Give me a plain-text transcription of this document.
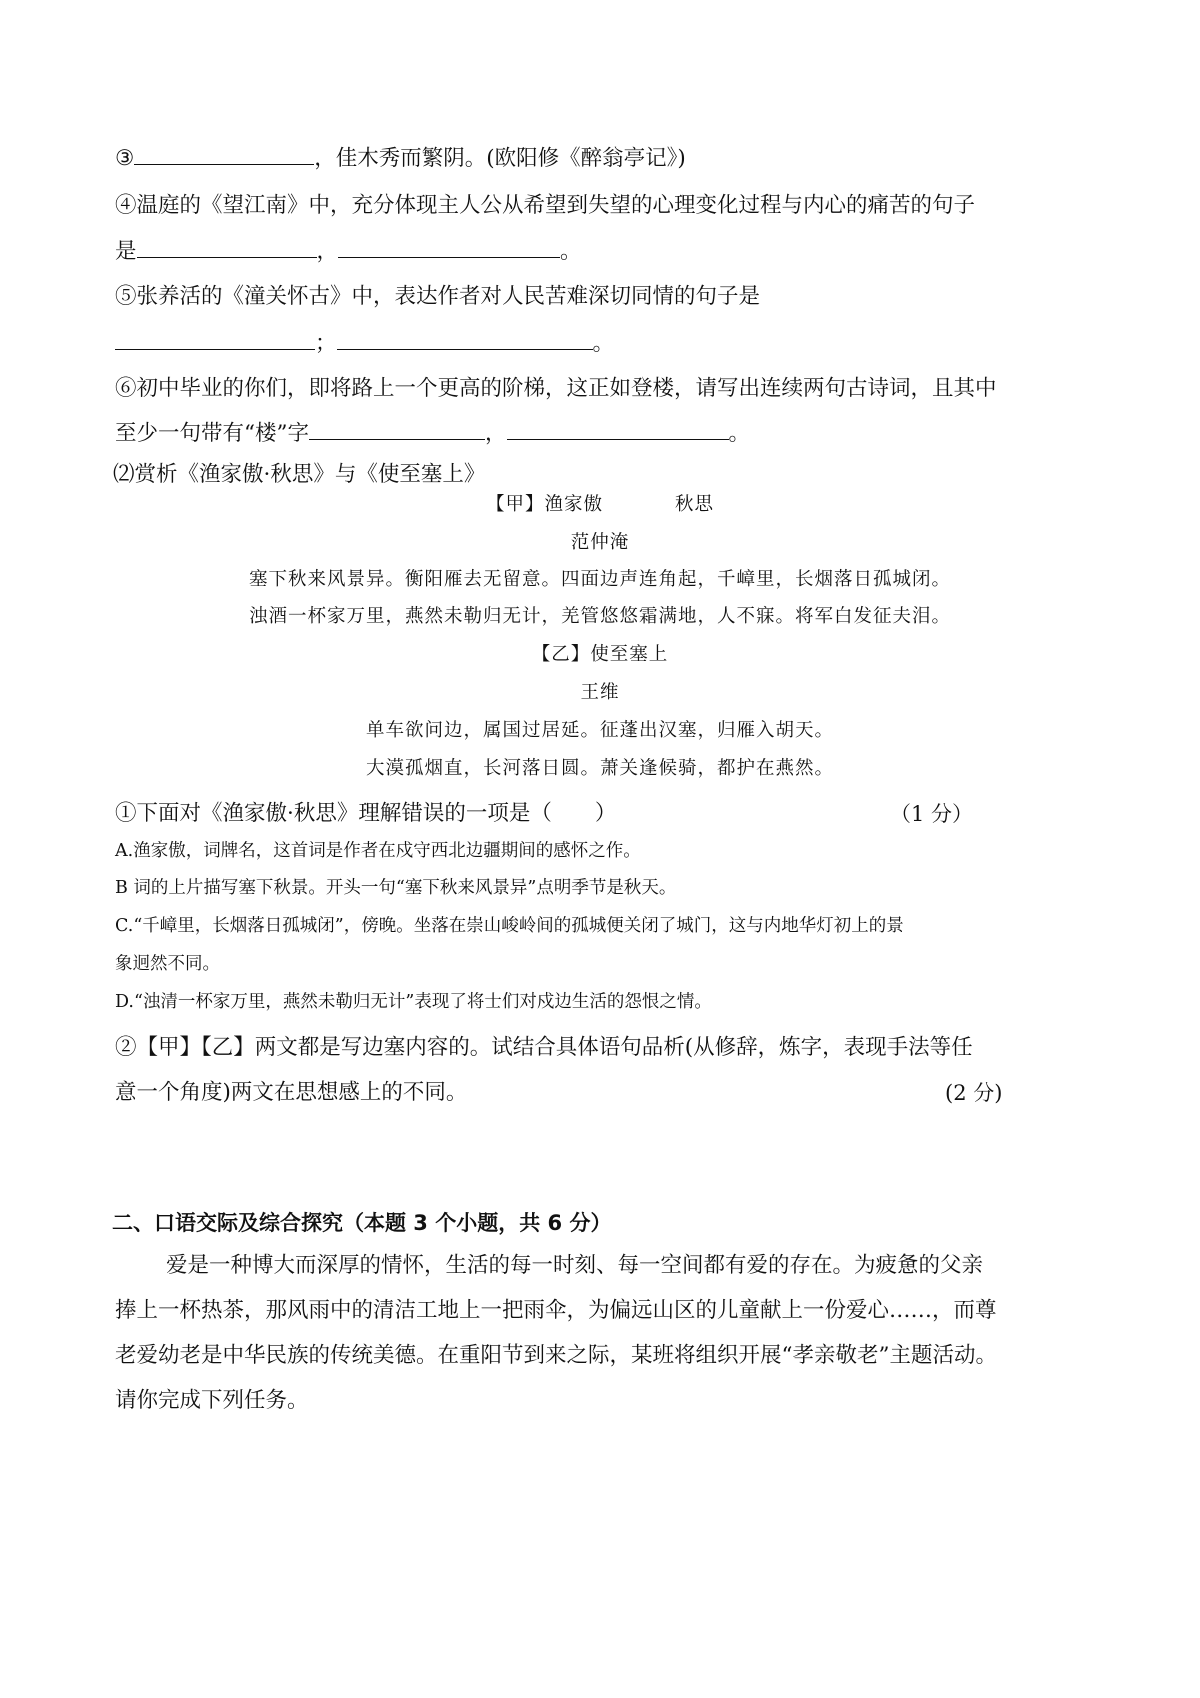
③	，佳木秀而繁阴。(欧阳修《醉翁亭记》)
④温庭的《望江南》中，充分体现主人公从希望到失望的心理变化过程与内心的痛苦的句子
是	，	。
⑤张养活的《潼关怀古》中，表达作者对人民苦难深切同情的句子是
；	。
⑥初中毕业的你们，即将路上一个更高的阶梯，这正如登楼，请写出连续两句古诗词，且其中
至少一句带有“楼”字	，	。
⑵赏析《渔家傲·秋思》与《使至塞上》
【甲】渔家傲	秋思
范仲淹
塞下秋来风景异。衡阳雁去无留意。四面边声连角起，千嶂里，长烟落日孤城闭。
浊酒一杯家万里，燕然未勒归无计，羌管悠悠霜满地，人不寐。将军白发征夫泪。
【乙】使至塞上
王维
单车欲问边，属国过居延。征蓬出汉塞，归雁入胡天。
大漠孤烟直，长河落日圆。萧关逢候骑，都护在燕然。
①下面对《渔家傲·秋思》理解错误的一项是（　　）	（1 分）
A.渔家傲，词牌名，这首词是作者在戍守西北边疆期间的感怀之作。
B 词的上片描写塞下秋景。开头一句“塞下秋来风景异”点明季节是秋天。
C.“千嶂里，长烟落日孤城闭”，傍晚。坐落在崇山峻岭间的孤城便关闭了城门，这与内地华灯初上的景
象迥然不同。
D.“浊清一杯家万里，燕然未勒归无计”表现了将士们对戍边生活的怨恨之情。
②【甲】【乙】两文都是写边塞内容的。试结合具体语句品析(从修辞，炼字，表现手法等任
意一个角度)两文在思想感上的不同。	(2 分)
二、口语交际及综合探究（本题 3 个小题，共 6 分）
爱是一种博大而深厚的情怀，生活的每一时刻、每一空间都有爱的存在。为疲惫的父亲
捧上一杯热茶，那风雨中的清洁工地上一把雨伞，为偏远山区的儿童献上一份爱心……，而尊
老爱幼老是中华民族的传统美德。在重阳节到来之际，某班将组织开展“孝亲敬老”主题活动。
请你完成下列任务。
